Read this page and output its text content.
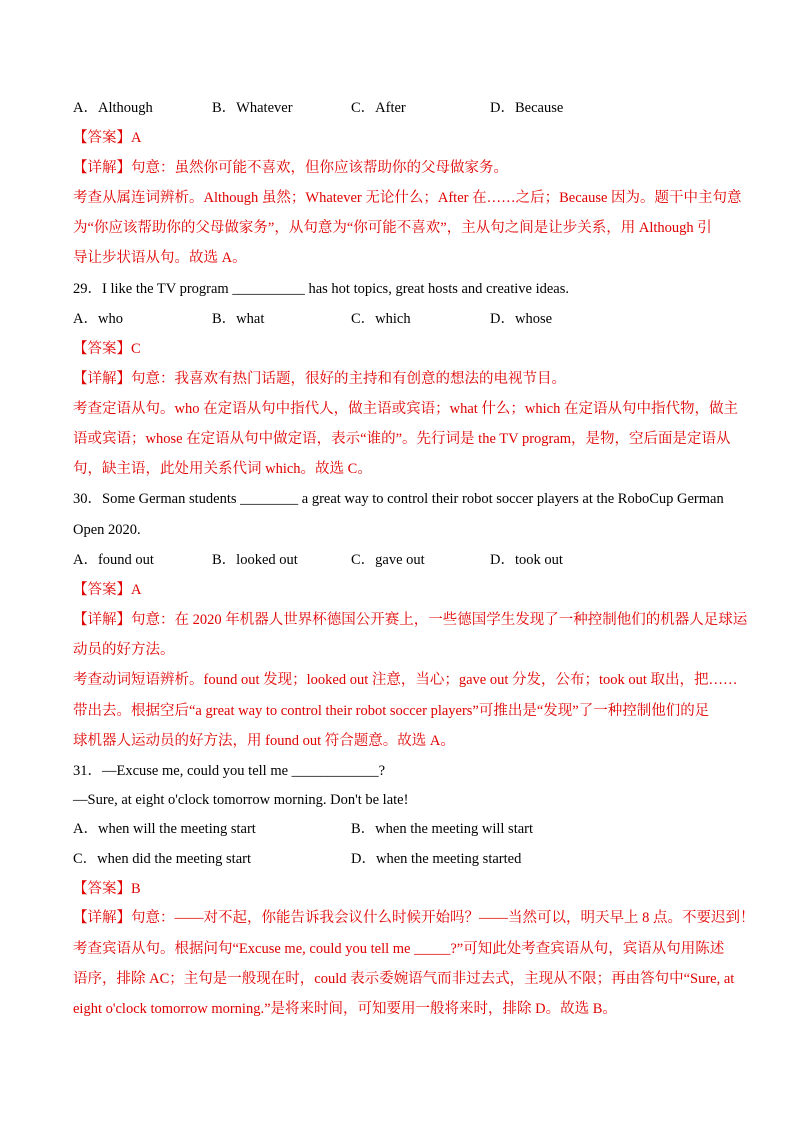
A．Although	B．Whatever	C．After	D．Because
【答案】A
【详解】句意：虽然你可能不喜欢，但你应该帮助你的父母做家务。
考查从属连词辨析。Although 虽然；Whatever 无论什么；After 在……之后；Because 因为。题干中主句意
为“你应该帮助你的父母做家务”，从句意为“你可能不喜欢”，主从句之间是让步关系，用 Although 引
导让步状语从句。故选 A。
29．I like the TV program __________ has hot topics, great hosts and creative ideas.
A．who	B．what	C．which	D．whose
【答案】C
【详解】句意：我喜欢有热门话题，很好的主持和有创意的想法的电视节目。
考查定语从句。who 在定语从句中指代人，做主语或宾语；what 什么；which 在定语从句中指代物，做主
语或宾语；whose 在定语从句中做定语，表示“谁的”。先行词是 the TV program，是物，空后面是定语从
句，缺主语，此处用关系代词 which。故选 C。
30．Some German students ________ a great way to control their robot soccer players at the RoboCup German
Open 2020.
A．found out	B．looked out	C．gave out	D．took out
【答案】A
【详解】句意：在 2020 年机器人世界杯德国公开赛上，一些德国学生发现了一种控制他们的机器人足球运
动员的好方法。
考查动词短语辨析。found out 发现；looked out 注意，当心；gave out 分发，公布；took out 取出，把……
带出去。根据空后“a great way to control their robot soccer players”可推出是“发现”了一种控制他们的足
球机器人运动员的好方法，用 found out 符合题意。故选 A。
31．—Excuse me, could you tell me ____________?
—Sure, at eight o'clock tomorrow morning. Don't be late!
A．when will the meeting start	B．when the meeting will start
C．when did the meeting start	D．when the meeting started
【答案】B
【详解】句意：——对不起，你能告诉我会议什么时候开始吗？——当然可以，明天早上 8 点。不要迟到！
考查宾语从句。根据问句“Excuse me, could you tell me _____?”可知此处考查宾语从句，宾语从句用陈述
语序，排除 AC；主句是一般现在时，could 表示委婉语气而非过去式，主现从不限；再由答句中“Sure, at
eight o'clock tomorrow morning.”是将来时间，可知要用一般将来时，排除 D。故选 B。
